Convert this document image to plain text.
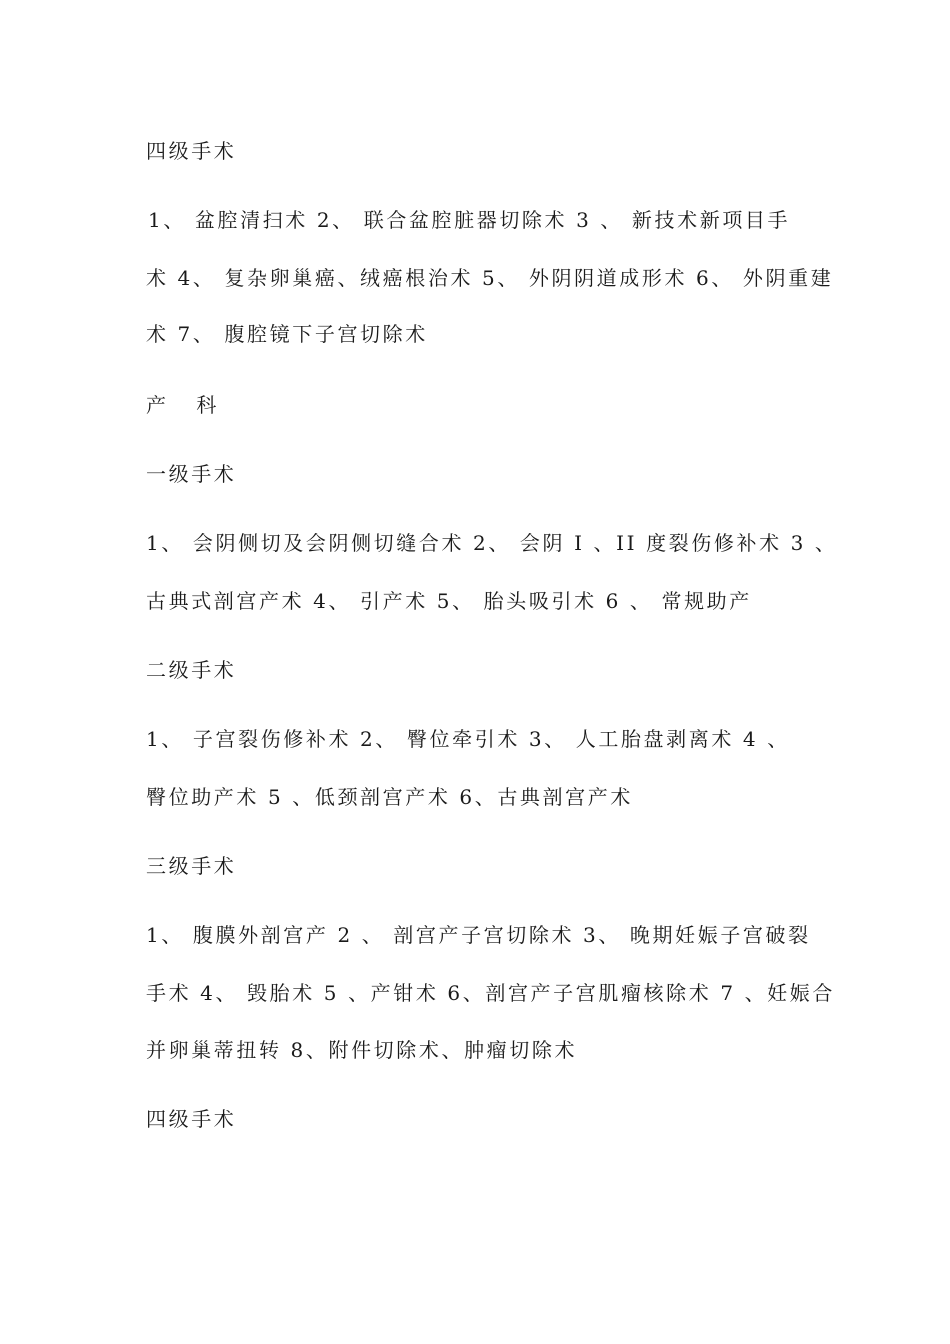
四级手术

1、 盆腔清扫术 2、 联合盆腔脏器切除术 3 、 新技术新项目手

术 4、 复杂卵巢癌、绒癌根治术 5、 外阴阴道成形术 6、 外阴重建

术 7、 腹腔镜下子宫切除术

产 科

一级手术

1、 会阴侧切及会阴侧切缝合术 2、 会阴 I 、II 度裂伤修补术 3 、

古典式剖宫产术 4、 引产术 5、 胎头吸引术 6 、 常规助产

二级手术

1、 子宫裂伤修补术 2、 臀位牵引术 3、 人工胎盘剥离术 4 、

臀位助产术 5 、低颈剖宫产术 6、古典剖宫产术

三级手术

1、 腹膜外剖宫产 2 、 剖宫产子宫切除术 3、 晚期妊娠子宫破裂

手术 4、 毁胎术 5 、产钳术 6、剖宫产子宫肌瘤核除术 7 、妊娠合

并卵巢蒂扭转 8、附件切除术、肿瘤切除术

四级手术
